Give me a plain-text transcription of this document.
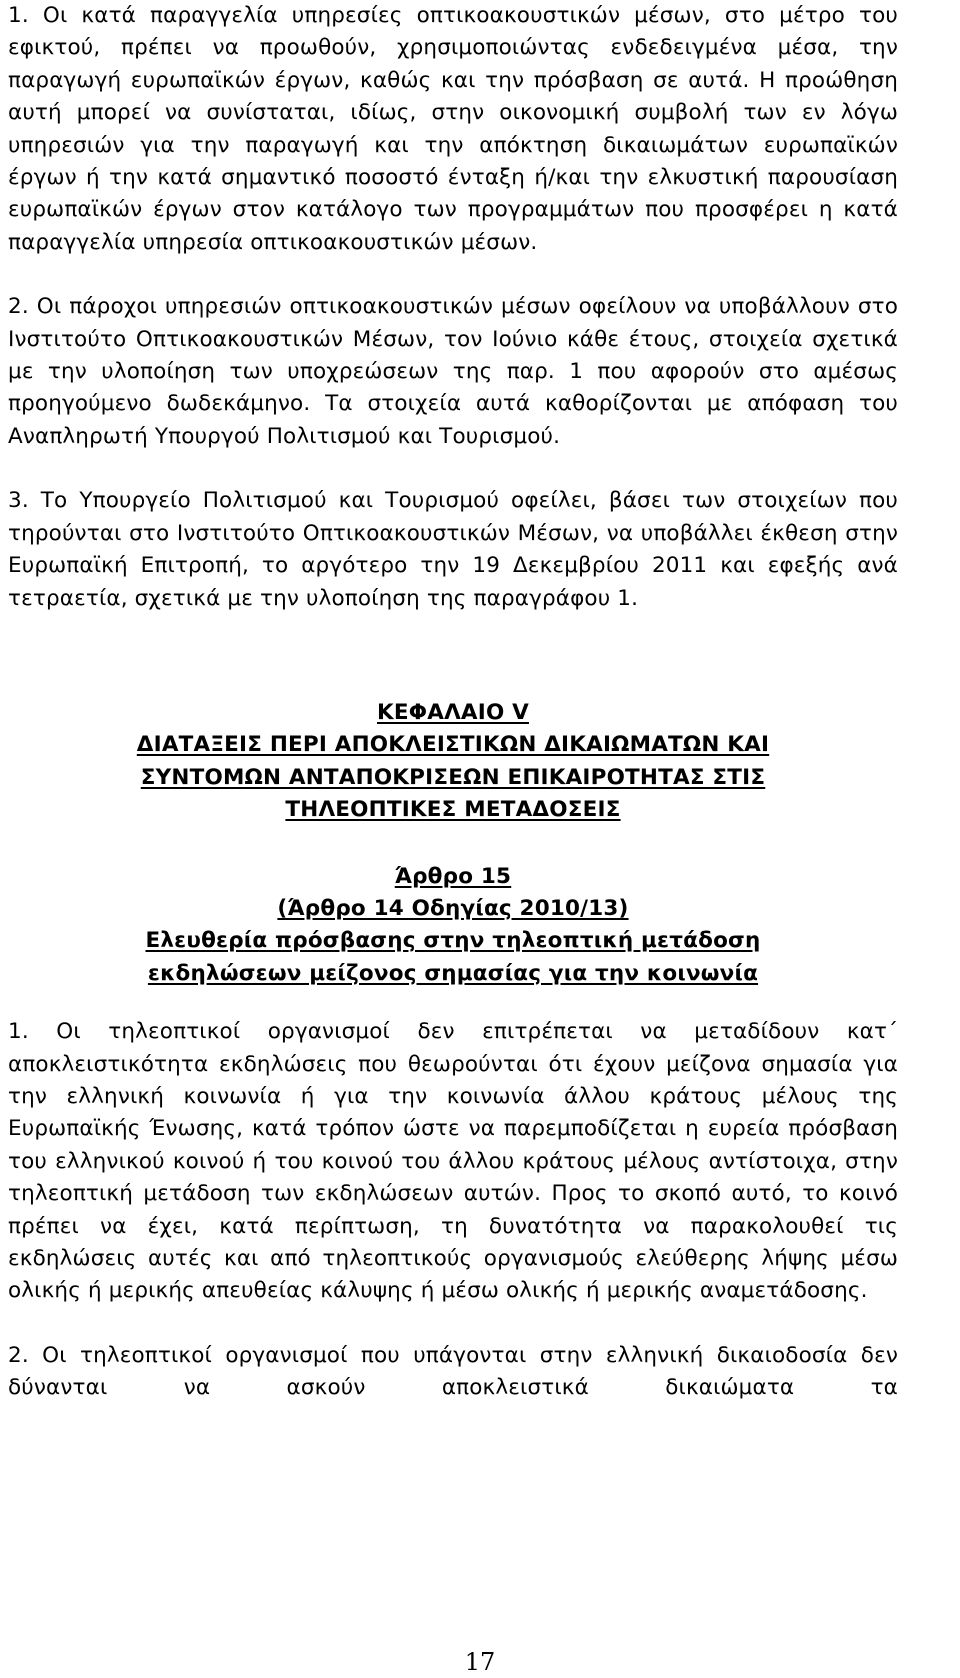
1. Οι κατά παραγγελία υπηρεσίες οπτικοακουστικών μέσων, στο μέτρο του εφικτού, πρέπει να προωθούν, χρησιμοποιώντας ενδεδειγμένα μέσα, την παραγωγή ευρωπαϊκών έργων, καθώς και την πρόσβαση σε αυτά. Η προώθηση αυτή μπορεί να συνίσταται, ιδίως, στην οικονομική συμβολή των εν λόγω υπηρεσιών για την παραγωγή και την απόκτηση δικαιωμάτων ευρωπαϊκών έργων ή την κατά σημαντικό ποσοστό ένταξη ή/και την ελκυστική παρουσίαση ευρωπαϊκών έργων στον κατάλογο των προγραμμάτων που προσφέρει η κατά παραγγελία υπηρεσία οπτικοακουστικών μέσων.

2. Οι πάροχοι υπηρεσιών οπτικοακουστικών μέσων οφείλουν να υποβάλλουν στο Ινστιτούτο Οπτικοακουστικών Μέσων, τον Ιούνιο κάθε έτους, στοιχεία σχετικά με την υλοποίηση των υποχρεώσεων της παρ. 1 που αφορούν στο αμέσως προηγούμενο δωδεκάμηνο. Τα στοιχεία αυτά καθορίζονται με απόφαση του Αναπληρωτή Υπουργού Πολιτισμού και Τουρισμού.

3. Το Υπουργείο Πολιτισμού και Τουρισμού οφείλει, βάσει των στοιχείων που τηρούνται στο Ινστιτούτο Οπτικοακουστικών Μέσων, να υποβάλλει έκθεση στην Ευρωπαϊκή Επιτροπή, το αργότερο την 19 Δεκεμβρίου 2011 και εφεξής ανά τετραετία, σχετικά με την υλοποίηση της παραγράφου 1.

ΚΕΦΑΛΑΙΟ V

ΔΙΑΤΑΞΕΙΣ ΠΕΡΙ ΑΠΟΚΛΕΙΣΤΙΚΩΝ ΔΙΚΑΙΩΜΑΤΩΝ ΚΑΙ

ΣΥΝΤΟΜΩΝ ΑΝΤΑΠΟΚΡΙΣΕΩΝ ΕΠΙΚΑΙΡΟΤΗΤΑΣ ΣΤΙΣ

ΤΗΛΕΟΠΤΙΚΕΣ ΜΕΤΑΔΟΣΕΙΣ

Άρθρο 15

(Άρθρο 14 Οδηγίας 2010/13)

Ελευθερία πρόσβασης στην τηλεοπτική μετάδοση

εκδηλώσεων μείζονος σημασίας για την κοινωνία

1. Οι τηλεοπτικοί οργανισμοί δεν επιτρέπεται να μεταδίδουν κατ΄ αποκλειστικότητα εκδηλώσεις που θεωρούνται ότι έχουν μείζονα σημασία για την ελληνική κοινωνία ή για την κοινωνία άλλου κράτους μέλους της Ευρωπαϊκής Ένωσης, κατά τρόπον ώστε να παρεμποδίζεται η ευρεία πρόσβαση του ελληνικού κοινού ή του κοινού του άλλου κράτους μέλους αντίστοιχα, στην τηλεοπτική μετάδοση των εκδηλώσεων αυτών. Προς το σκοπό αυτό, το κοινό πρέπει να έχει, κατά περίπτωση, τη δυνατότητα να παρακολουθεί τις εκδηλώσεις αυτές και από τηλεοπτικούς οργανισμούς ελεύθερης λήψης μέσω ολικής ή μερικής απευθείας κάλυψης ή μέσω ολικής ή μερικής αναμετάδοσης.

2. Οι τηλεοπτικοί οργανισμοί που υπάγονται στην ελληνική δικαιοδοσία δεν δύνανται να ασκούν αποκλειστικά δικαιώματα τα

17
